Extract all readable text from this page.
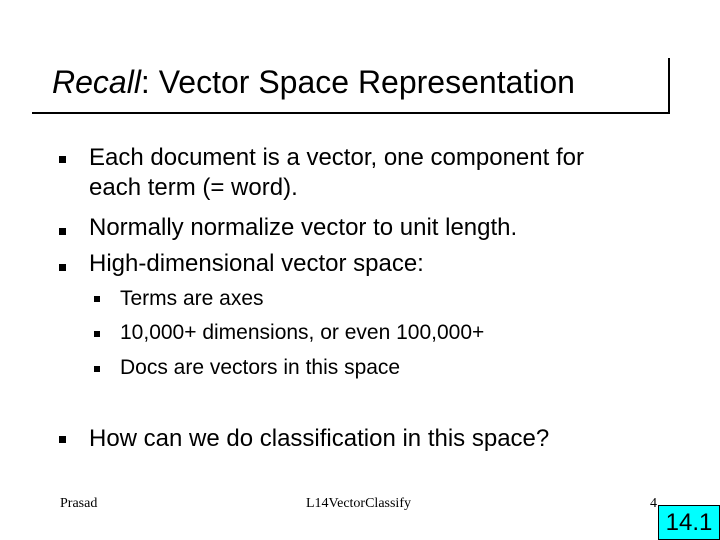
Recall: Vector Space Representation
Each document is a vector, one component for
each term (= word).
Normally normalize vector to unit length.
High-dimensional vector space:
Terms are axes
10,000+ dimensions, or even 100,000+
Docs are vectors in this space
How can we do classification in this space?
Prasad	L14VectorClassify	4
14.1
